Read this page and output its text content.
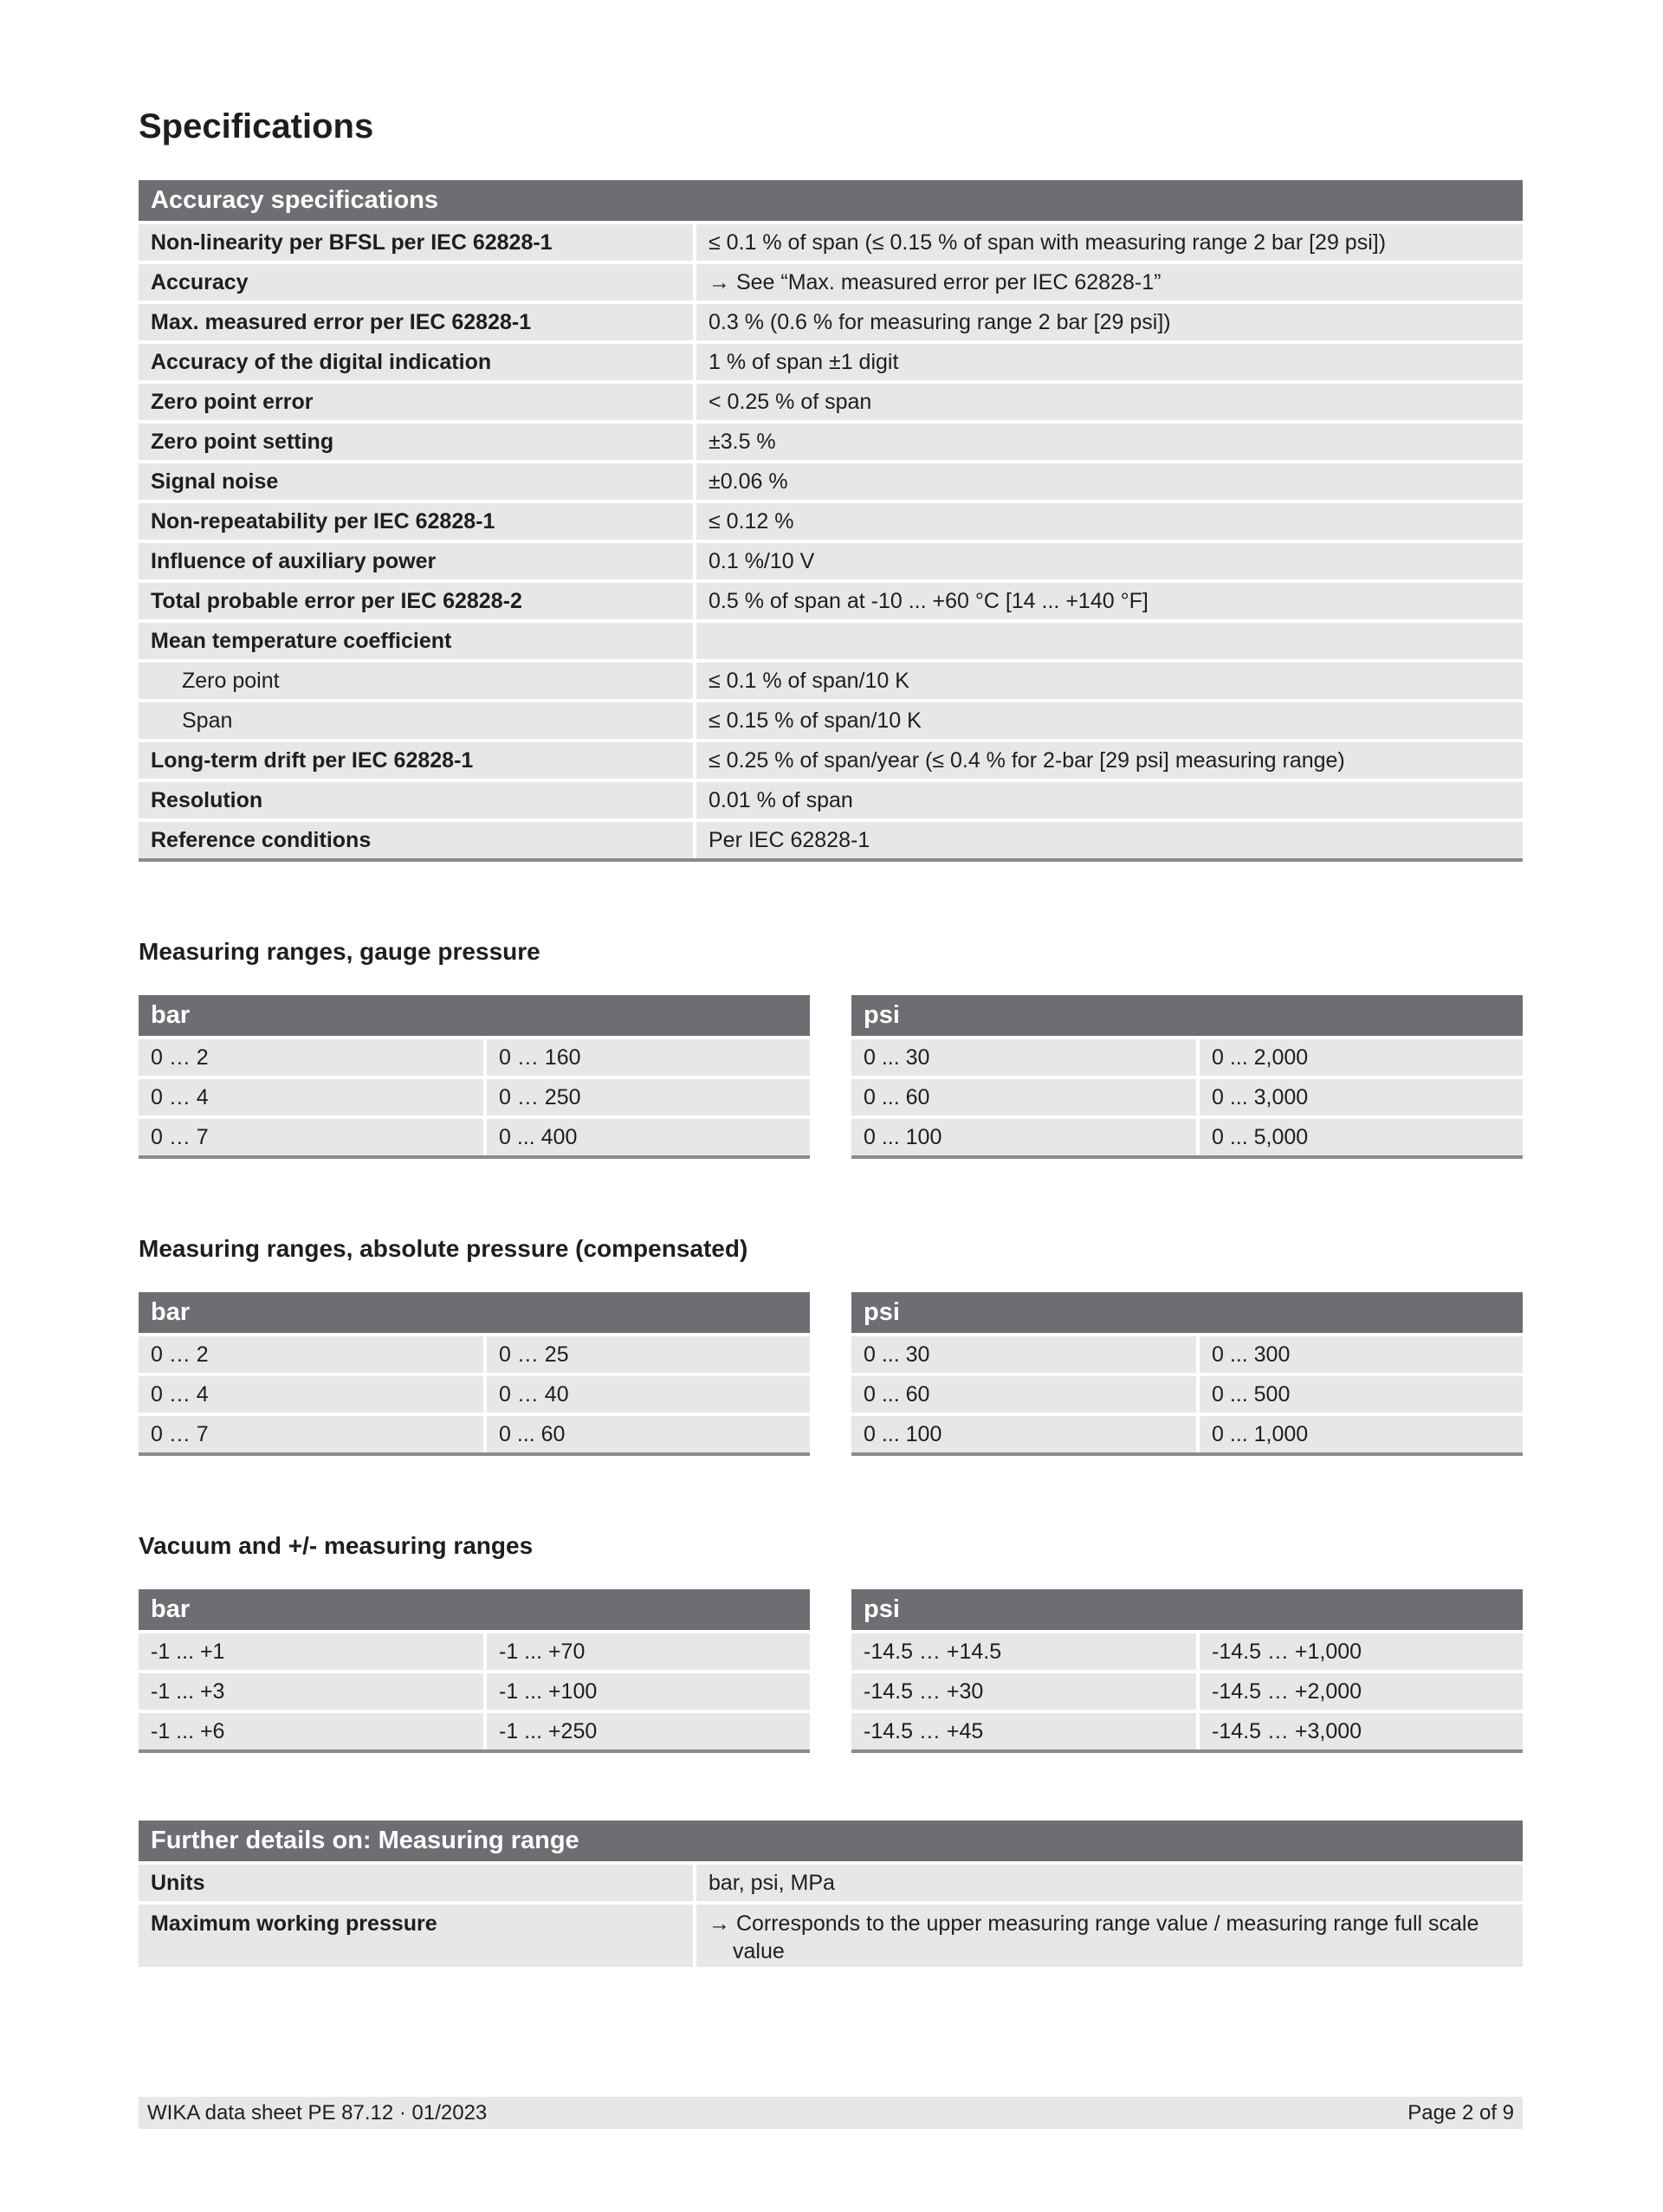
Specifications
Accuracy specifications
Non-linearity per BFSL per IEC 62828-1	≤ 0.1 % of span (≤ 0.15 % of span with measuring range 2 bar [29 psi])
Accuracy	→ See “Max. measured error per IEC 62828-1”
Max. measured error per IEC 62828-1	0.3 % (0.6 % for measuring range 2 bar [29 psi])
Accuracy of the digital indication	1 % of span ±1 digit
Zero point error	< 0.25 % of span
Zero point setting	±3.5 %
Signal noise	±0.06 %
Non-repeatability per IEC 62828-1	≤ 0.12 %
Influence of auxiliary power	0.1 %/10 V
Total probable error per IEC 62828-2	0.5 % of span at -10 ... +60 °C [14 ... +140 °F]
Mean temperature coefficient
Zero point	≤ 0.1 % of span/10 K
Span	≤ 0.15 % of span/10 K
Long-term drift per IEC 62828-1	≤ 0.25 % of span/year (≤ 0.4 % for 2-bar [29 psi] measuring range)
Resolution	0.01 % of span
Reference conditions	Per IEC 62828-1
Measuring ranges, gauge pressure
bar
0 … 2	0 … 160
0 … 4	0 … 250
0 … 7	0 ... 400
psi
0 ... 30	0 ... 2,000
0 ... 60	0 ... 3,000
0 ... 100	0 ... 5,000
Measuring ranges, absolute pressure (compensated)
bar
0 … 2	0 … 25
0 … 4	0 … 40
0 … 7	0 ... 60
psi
0 ... 30	0 ... 300
0 ... 60	0 ... 500
0 ... 100	0 ... 1,000
Vacuum and +/- measuring ranges
bar
-1 ... +1	-1 ... +70
-1 ... +3	-1 ... +100
-1 ... +6	-1 ... +250
psi
-14.5 … +14.5	-14.5 … +1,000
-14.5 … +30	-14.5 … +2,000
-14.5 … +45	-14.5 … +3,000
Further details on: Measuring range
Units	bar, psi, MPa
Maximum working pressure	→ Corresponds to the upper measuring range value / measuring range full scale value
WIKA data sheet PE 87.12 · 01/2023	Page 2 of 9
